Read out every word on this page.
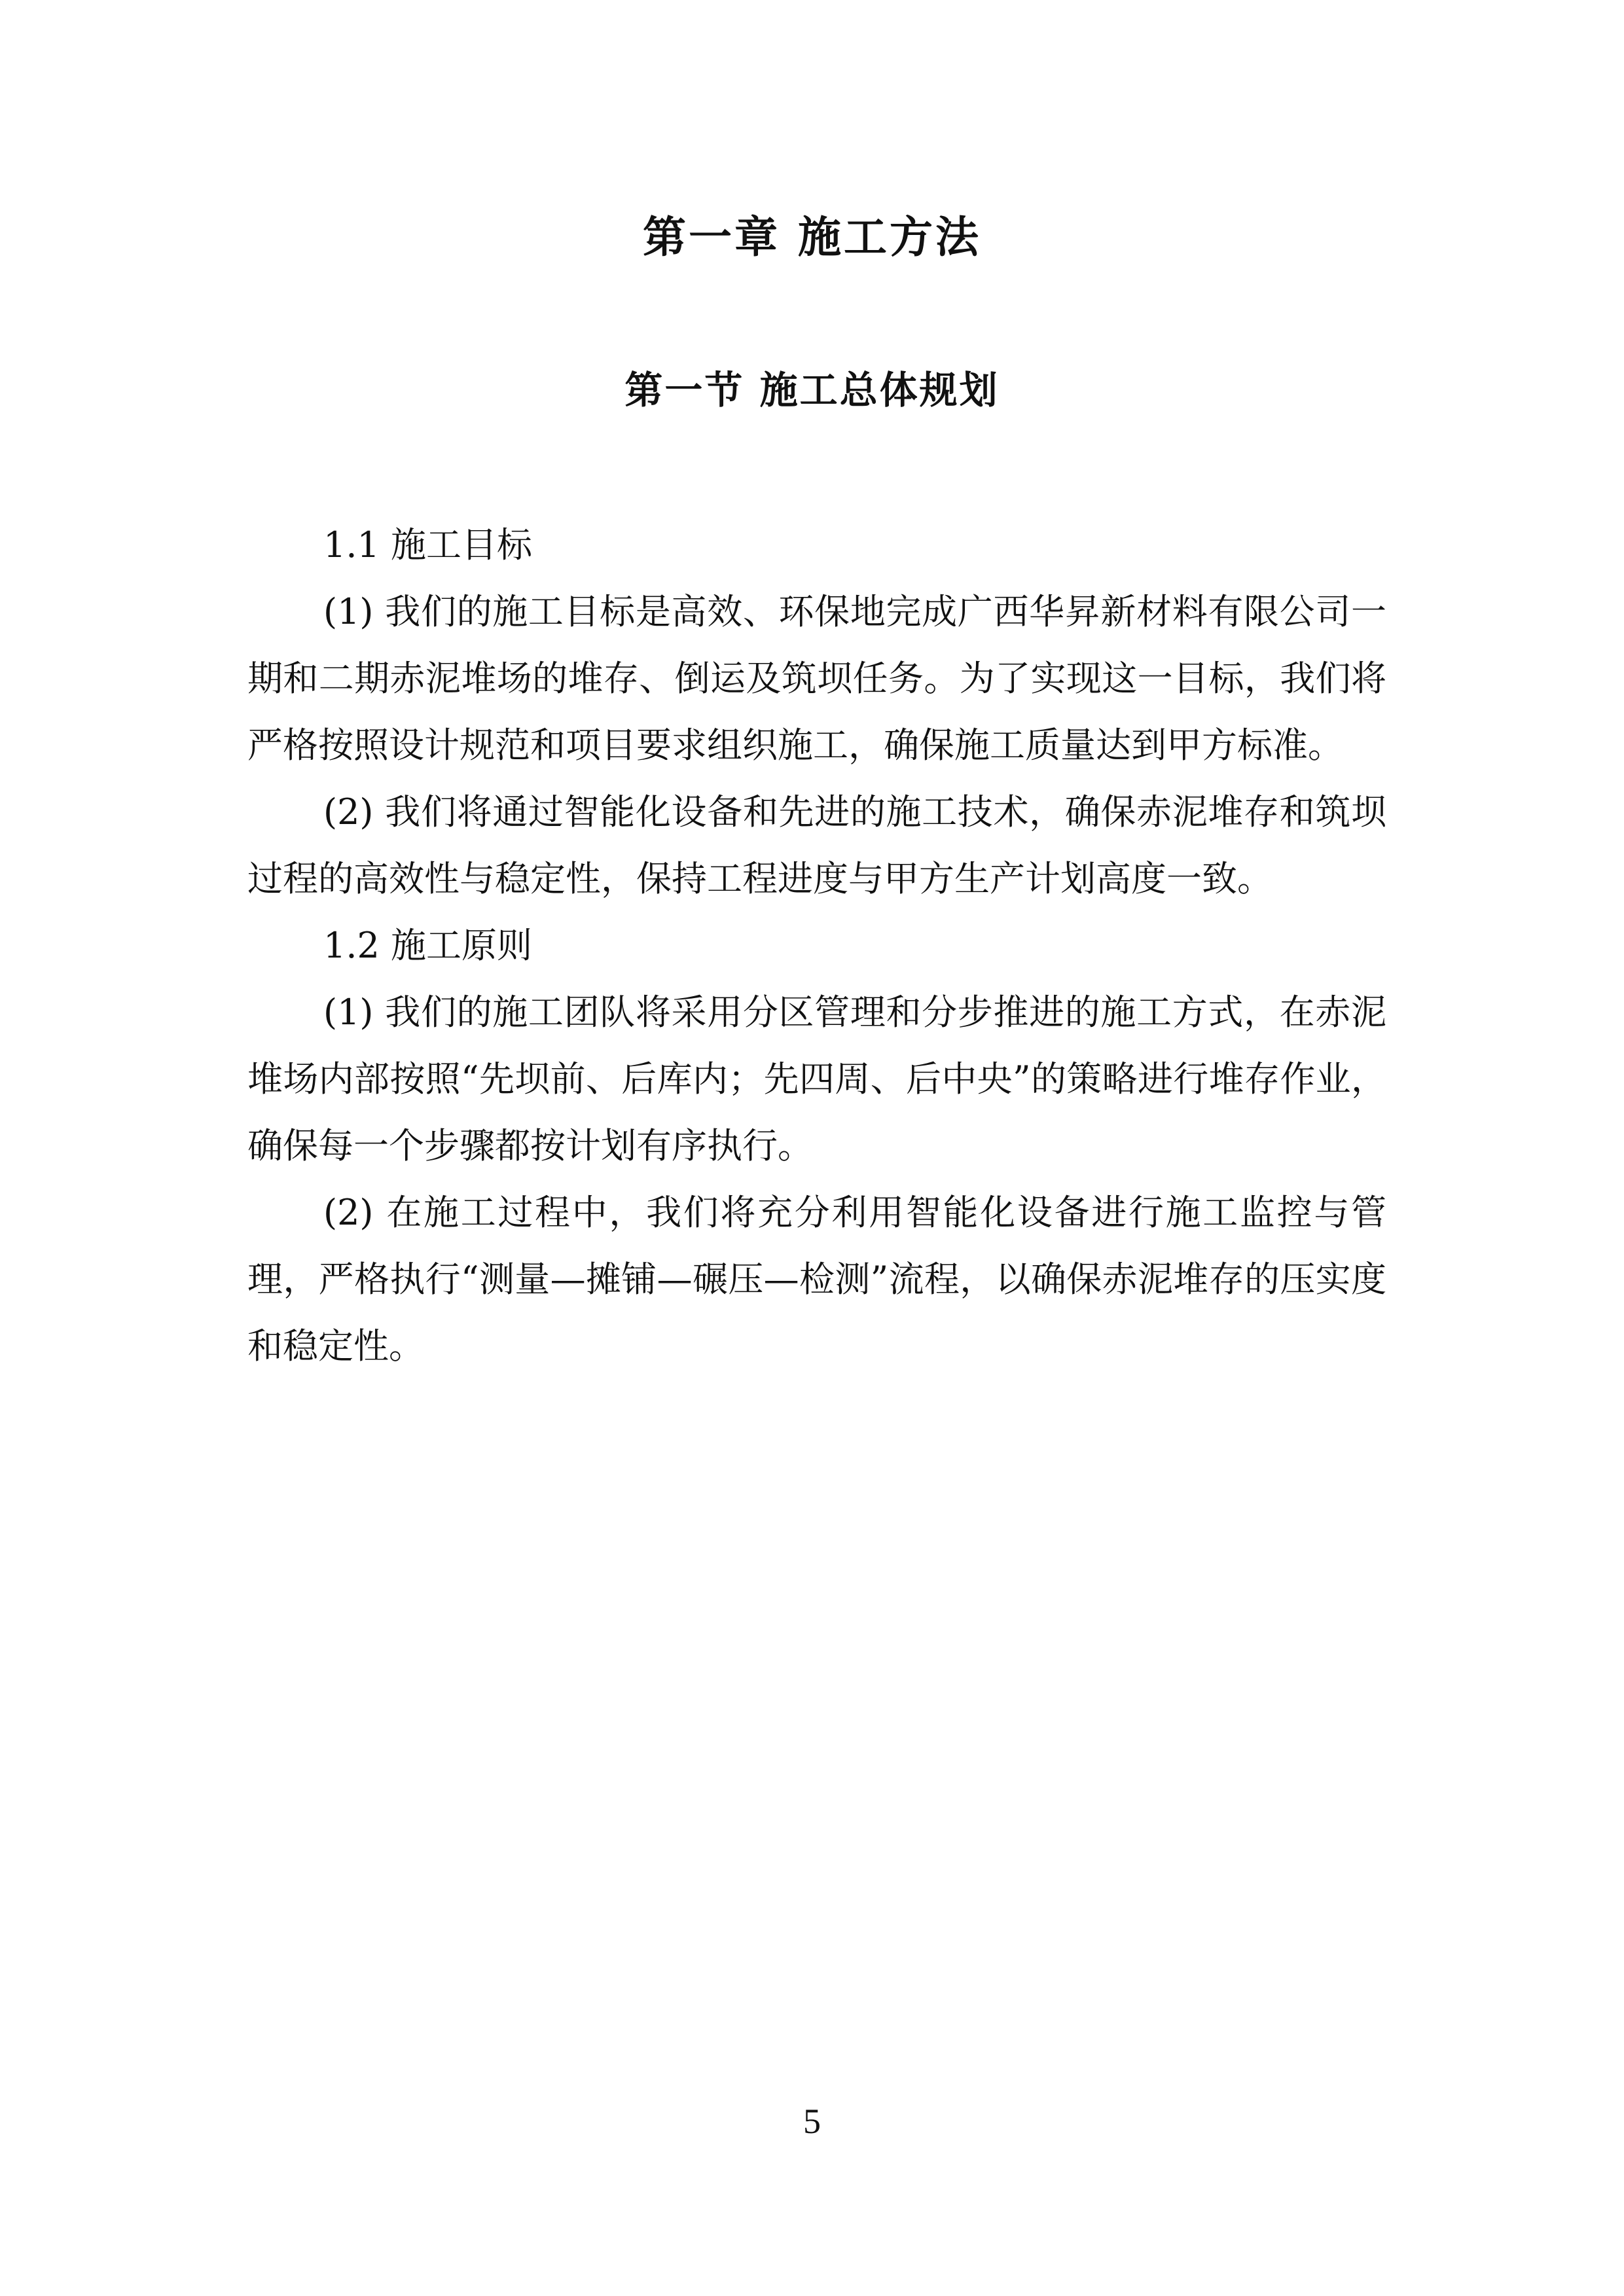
第一章 施工方法
第一节 施工总体规划

1.1 施工目标

(1) 我们的施工目标是高效、环保地完成广西华昇新材料有限公司一期和二期赤泥堆场的堆存、倒运及筑坝任务。为了实现这一目标，我们将严格按照设计规范和项目要求组织施工，确保施工质量达到甲方标准。

(2) 我们将通过智能化设备和先进的施工技术，确保赤泥堆存和筑坝过程的高效性与稳定性，保持工程进度与甲方生产计划高度一致。

1.2 施工原则

(1) 我们的施工团队将采用分区管理和分步推进的施工方式，在赤泥堆场内部按照“先坝前、后库内；先四周、后中央”的策略进行堆存作业，确保每一个步骤都按计划有序执行。

(2) 在施工过程中，我们将充分利用智能化设备进行施工监控与管理，严格执行“测量—摊铺—碾压—检测”流程，以确保赤泥堆存的压实度和稳定性。

5
